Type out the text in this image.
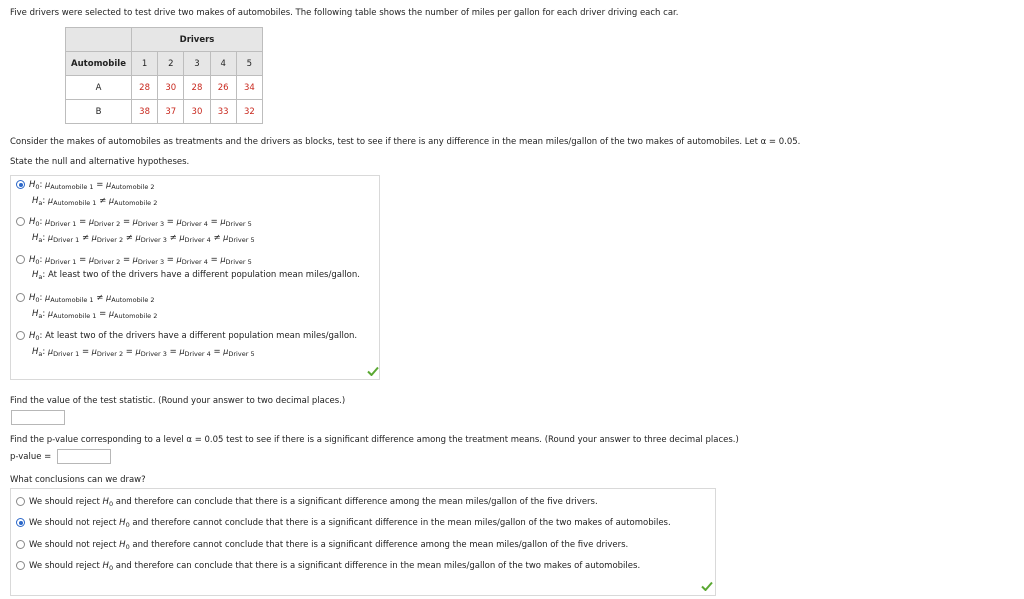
Five drivers were selected to test drive two makes of automobiles. The following table shows the number of miles per gallon for each driver driving each car.
	Drivers				
Automobile	1	2	3	4	5
A	28	30	28	26	34
B	38	37	30	33	32
Consider the makes of automobiles as treatments and the drivers as blocks, test to see if there is any difference in the mean miles/gallon of the two makes of automobiles. Let α = 0.05.
State the null and alternative hypotheses.
$H_0$: $\mu_{Automobile 1} = \mu_{Automobile 2}$
$H_a$: $\mu_{Automobile 1} \ne \mu_{Automobile 2}$
$H_0$: $\mu_{Driver 1} = \mu_{Driver 2} = \mu_{Driver 3} = \mu_{Driver 4} = \mu_{Driver 5}$
$H_a$: $\mu_{Driver 1} \ne \mu_{Driver 2} \ne \mu_{Driver 3} \ne \mu_{Driver 4} \ne \mu_{Driver 5}$
$H_0$: $\mu_{Driver 1} = \mu_{Driver 2} = \mu_{Driver 3} = \mu_{Driver 4} = \mu_{Driver 5}$
$H_a$: At least two of the drivers have a different population mean miles/gallon.
$H_0$: $\mu_{Automobile 1} \ne \mu_{Automobile 2}$
$H_a$: $\mu_{Automobile 1} = \mu_{Automobile 2}$
$H_0$: At least two of the drivers have a different population mean miles/gallon.
$H_a$: $\mu_{Driver 1} = \mu_{Driver 2} = \mu_{Driver 3} = \mu_{Driver 4} = \mu_{Driver 5}$
Find the value of the test statistic. (Round your answer to two decimal places.)
Find the p-value corresponding to a level α = 0.05 test to see if there is a significant difference among the treatment means. (Round your answer to three decimal places.)
p-value =
What conclusions can we draw?
We should reject $H_0$ and therefore can conclude that there is a significant difference among the mean miles/gallon of the five drivers.
We should not reject $H_0$ and therefore cannot conclude that there is a significant difference in the mean miles/gallon of the two makes of automobiles.
We should not reject $H_0$ and therefore cannot conclude that there is a significant difference among the mean miles/gallon of the five drivers.
We should reject $H_0$ and therefore can conclude that there is a significant difference in the mean miles/gallon of the two makes of automobiles.
